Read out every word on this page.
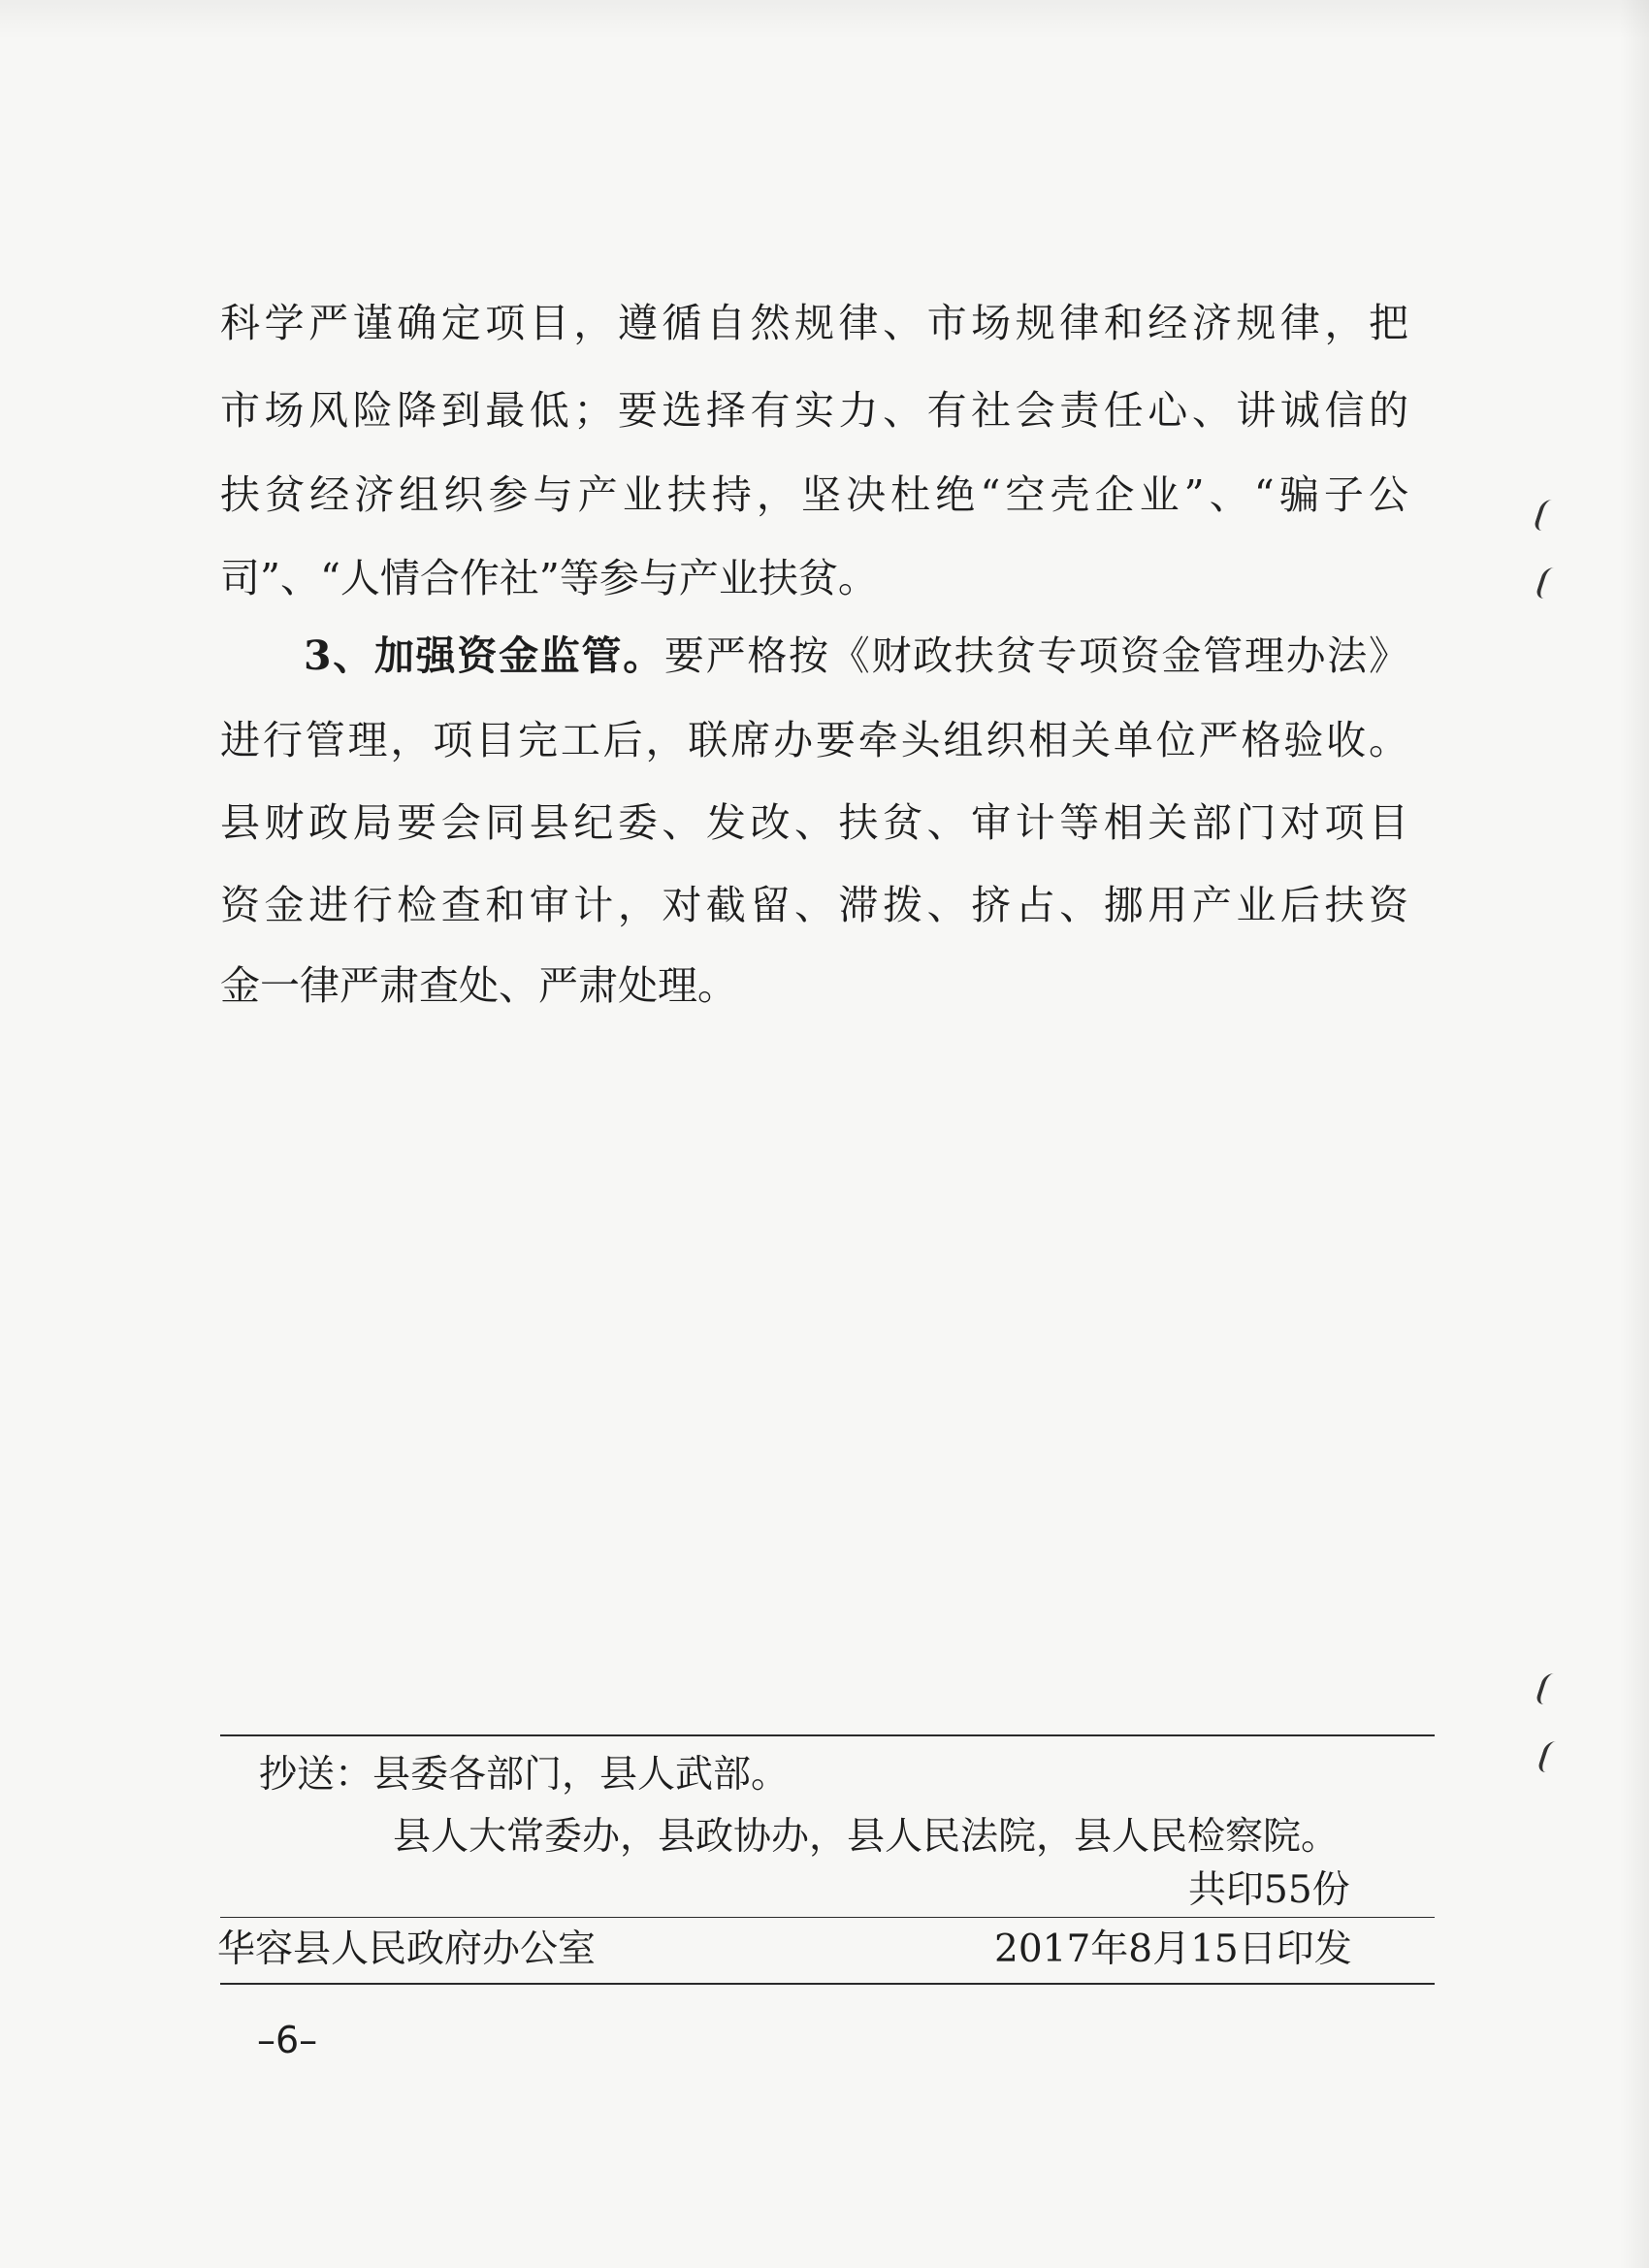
科学严谨确定项目，遵循自然规律、市场规律和经济规律，把
市场风险降到最低；要选择有实力、有社会责任心、讲诚信的
扶贫经济组织参与产业扶持，坚决杜绝“空壳企业”、“骗子公
司”、“人情合作社”等参与产业扶贫。
3、加强资金监管。要严格按《财政扶贫专项资金管理办法》
进行管理，项目完工后，联席办要牵头组织相关单位严格验收。
县财政局要会同县纪委、发改、扶贫、审计等相关部门对项目
资金进行检查和审计，对截留、滞拨、挤占、挪用产业后扶资
金一律严肃查处、严肃处理。
抄送：县委各部门，县人武部。
县人大常委办，县政协办，县人民法院，县人民检察院。
共印55份
华容县人民政府办公室	2017年8月15日印发
–6–
